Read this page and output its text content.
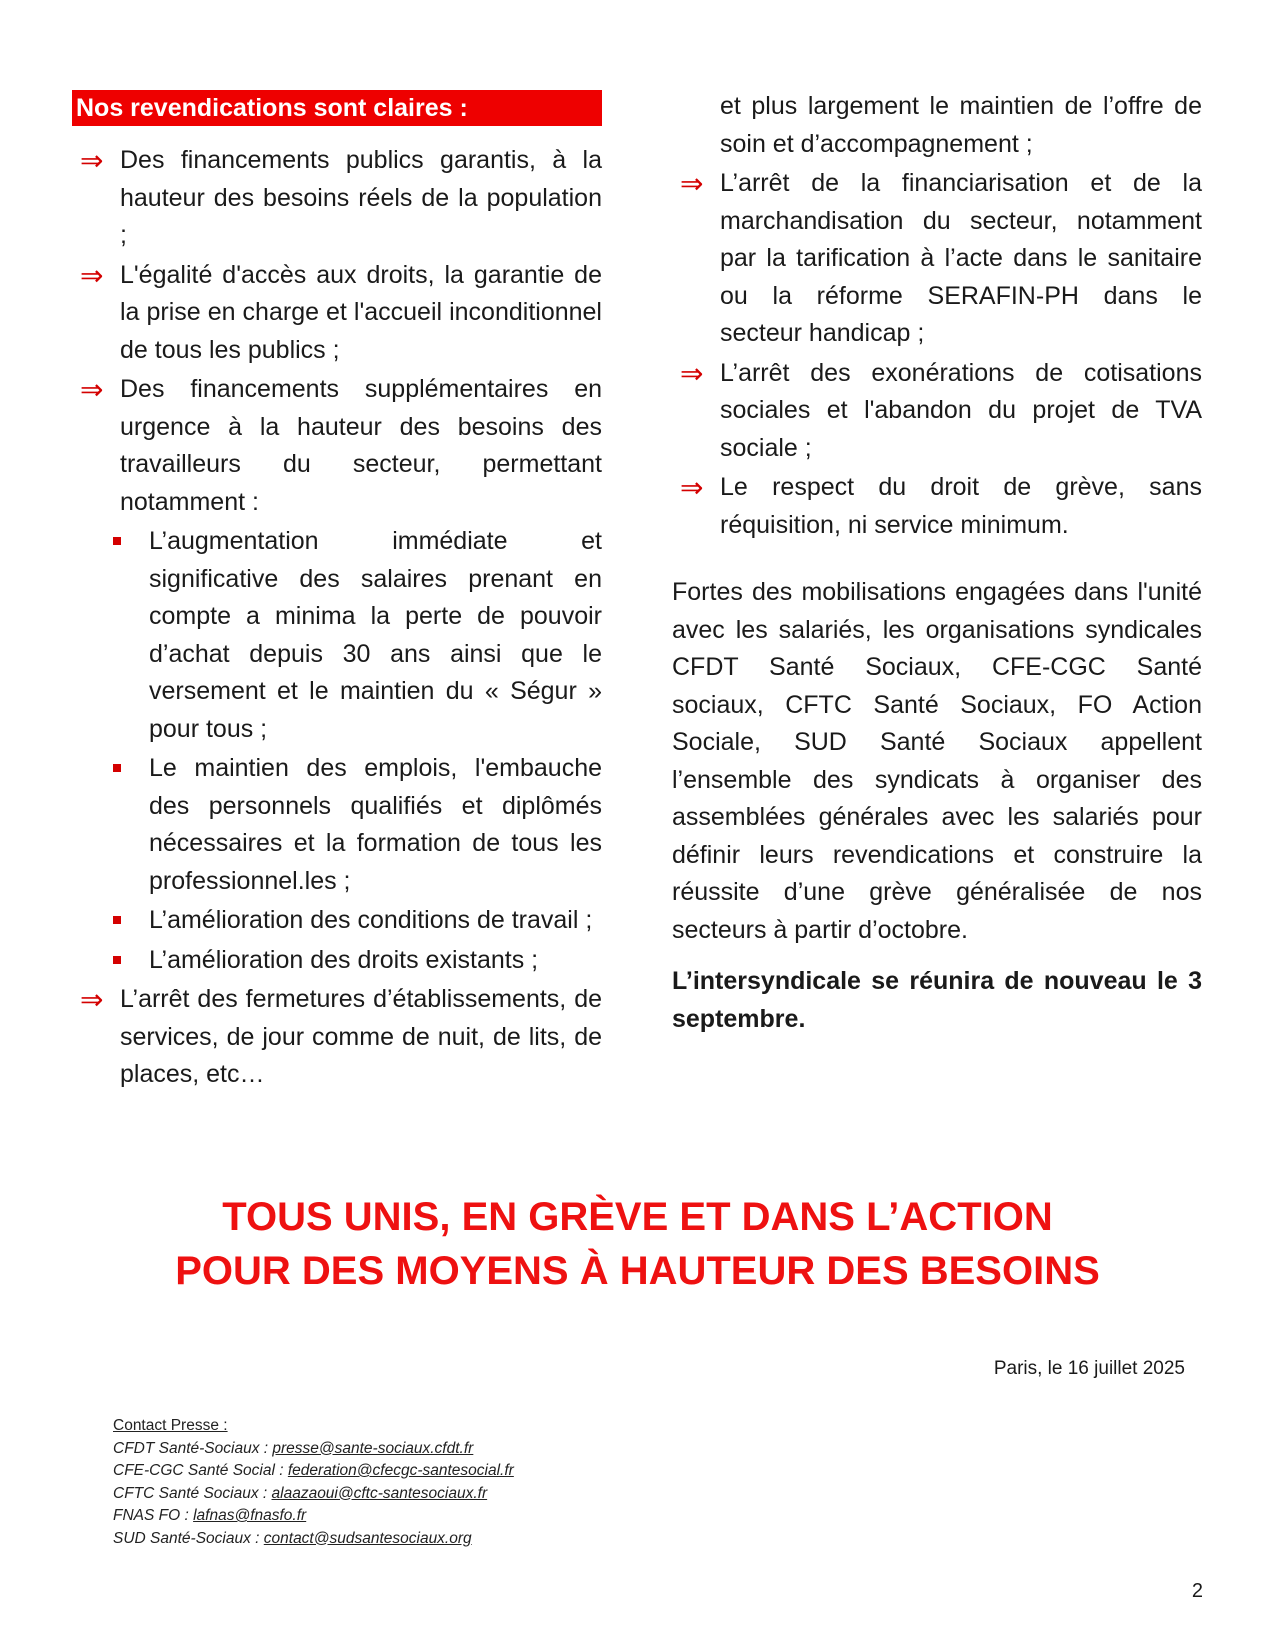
Nos revendications sont claires :
⇒ Des financements publics garantis, à la hauteur des besoins réels de la population ;
⇒ L'égalité d'accès aux droits, la garantie de la prise en charge et l'accueil inconditionnel de tous les publics ;
⇒ Des financements supplémentaires en urgence à la hauteur des besoins des travailleurs du secteur, permettant notamment :
L’augmentation immédiate et significative des salaires prenant en compte a minima la perte de pouvoir d’achat depuis 30 ans ainsi que le versement et le maintien du « Ségur » pour tous ;
Le maintien des emplois, l'embauche des personnels qualifiés et diplômés nécessaires et la formation de tous les professionnel.les ;
L’amélioration des conditions de travail ;
L’amélioration des droits existants ;
⇒ L’arrêt des fermetures d’établissements, de services, de jour comme de nuit, de lits, de places, etc…
et plus largement le maintien de l’offre de soin et d’accompagnement ;
⇒ L’arrêt de la financiarisation et de la marchandisation du secteur, notamment par la tarification à l’acte dans le sanitaire ou la réforme SERAFIN-PH dans le secteur handicap ;
⇒ L’arrêt des exonérations de cotisations sociales et l'abandon du projet de TVA sociale ;
⇒ Le respect du droit de grève, sans réquisition, ni service minimum.
Fortes des mobilisations engagées dans l'unité avec les salariés, les organisations syndicales CFDT Santé Sociaux, CFE-CGC Santé sociaux, CFTC Santé Sociaux, FO Action Sociale, SUD Santé Sociaux appellent l’ensemble des syndicats à organiser des assemblées générales avec les salariés pour définir leurs revendications et construire la réussite d’une grève généralisée de nos secteurs à partir d’octobre.
L’intersyndicale se réunira de nouveau le 3 septembre.
TOUS UNIS, EN GRÈVE ET DANS L’ACTION
POUR DES MOYENS À HAUTEUR DES BESOINS
Paris, le 16 juillet 2025
Contact Presse :
CFDT Santé-Sociaux : presse@sante-sociaux.cfdt.fr
CFE-CGC Santé Social : federation@cfecgc-santesocial.fr
CFTC Santé Sociaux : alaazaoui@cftc-santesociaux.fr
FNAS FO : lafnas@fnasfo.fr
SUD Santé-Sociaux : contact@sudsantesociaux.org
2
